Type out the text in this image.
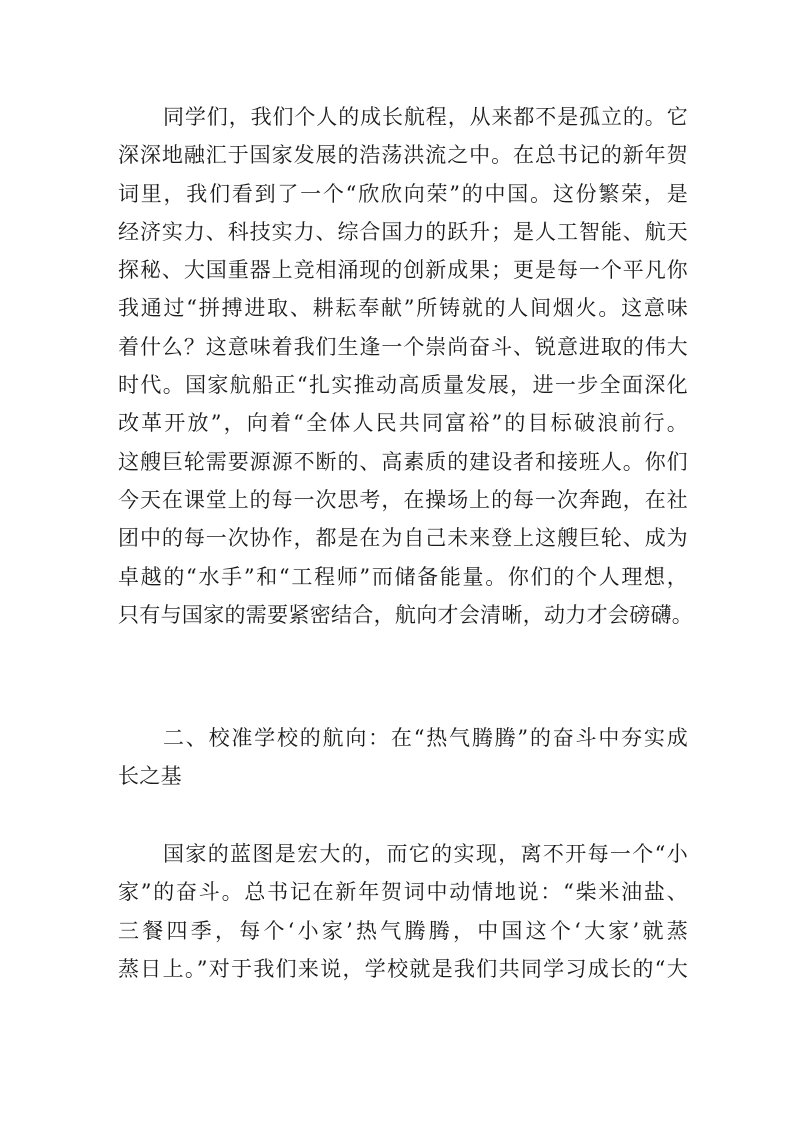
同学们，我们个人的成长航程，从来都不是孤立的。它
深深地融汇于国家发展的浩荡洪流之中。在总书记的新年贺
词里，我们看到了一个“欣欣向荣”的中国。这份繁荣，是
经济实力、科技实力、综合国力的跃升；是人工智能、航天
探秘、大国重器上竞相涌现的创新成果；更是每一个平凡你
我通过“拼搏进取、耕耘奉献”所铸就的人间烟火。这意味
着什么？这意味着我们生逢一个崇尚奋斗、锐意进取的伟大
时代。国家航船正“扎实推动高质量发展，进一步全面深化
改革开放”，向着“全体人民共同富裕”的目标破浪前行。
这艘巨轮需要源源不断的、高素质的建设者和接班人。你们
今天在课堂上的每一次思考，在操场上的每一次奔跑，在社
团中的每一次协作，都是在为自己未来登上这艘巨轮、成为
卓越的“水手”和“工程师”而储备能量。你们的个人理想，
只有与国家的需要紧密结合，航向才会清晰，动力才会磅礴。
二、校准学校的航向：在“热气腾腾”的奋斗中夯实成
长之基
国家的蓝图是宏大的，而它的实现，离不开每一个“小
家”的奋斗。总书记在新年贺词中动情地说：“柴米油盐、
三餐四季，每个‘小家’热气腾腾，中国这个‘大家’就蒸
蒸日上。”对于我们来说，学校就是我们共同学习成长的“大
